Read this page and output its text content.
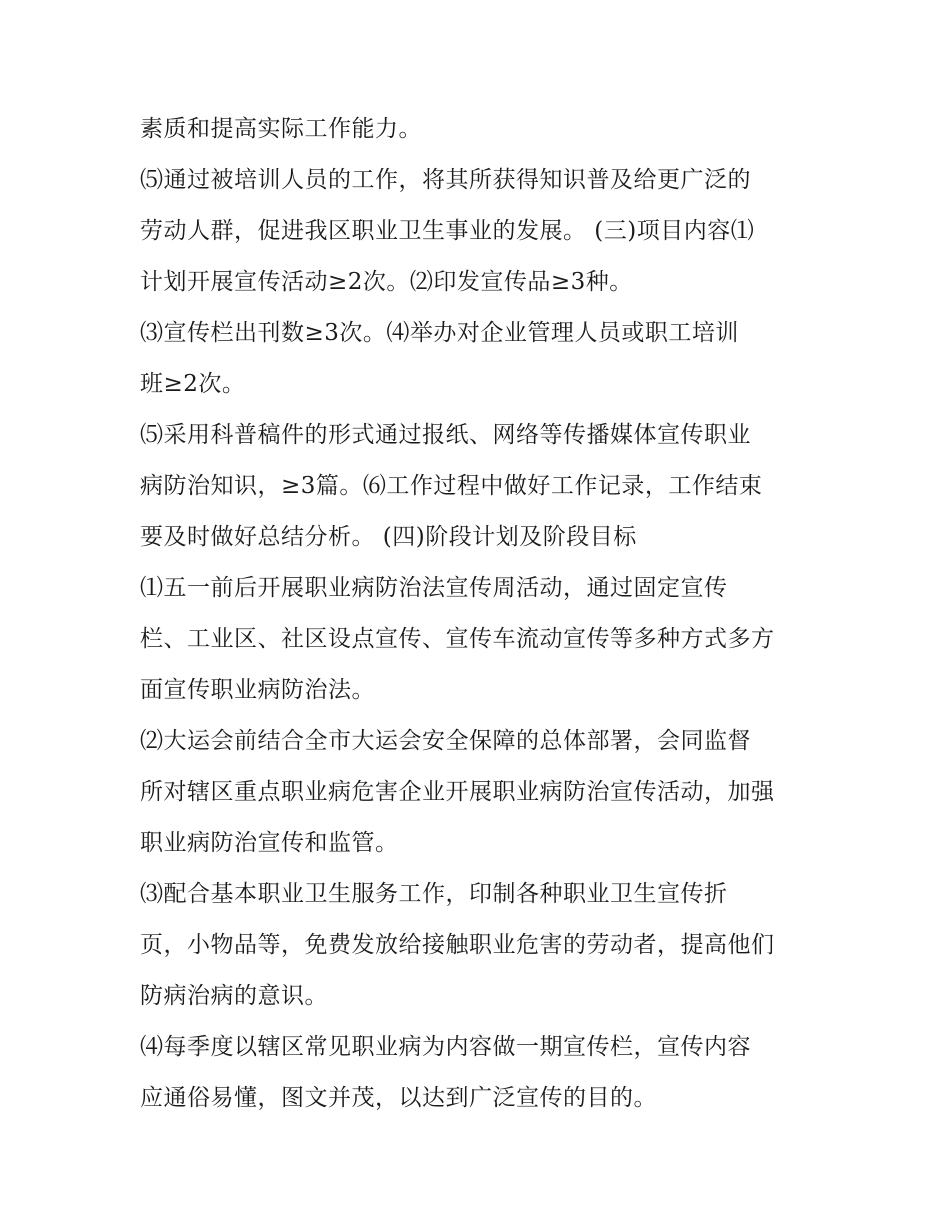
素质和提高实际工作能力。

⑸通过被培训人员的工作，将其所获得知识普及给更广泛的

劳动人群，促进我区职业卫生事业的发展。 (三)项目内容⑴

计划开展宣传活动≥2次。⑵印发宣传品≥3种。

⑶宣传栏出刊数≥3次。⑷举办对企业管理人员或职工培训

班≥2次。

⑸采用科普稿件的形式通过报纸、网络等传播媒体宣传职业

病防治知识，≥3篇。⑹工作过程中做好工作记录，工作结束

要及时做好总结分析。 (四)阶段计划及阶段目标

⑴五一前后开展职业病防治法宣传周活动，通过固定宣传

栏、工业区、社区设点宣传、宣传车流动宣传等多种方式多方

面宣传职业病防治法。

⑵大运会前结合全市大运会安全保障的总体部署，会同监督

所对辖区重点职业病危害企业开展职业病防治宣传活动，加强

职业病防治宣传和监管。

⑶配合基本职业卫生服务工作，印制各种职业卫生宣传折

页，小物品等，免费发放给接触职业危害的劳动者，提高他们

防病治病的意识。

⑷每季度以辖区常见职业病为内容做一期宣传栏，宣传内容

应通俗易懂，图文并茂，以达到广泛宣传的目的。
